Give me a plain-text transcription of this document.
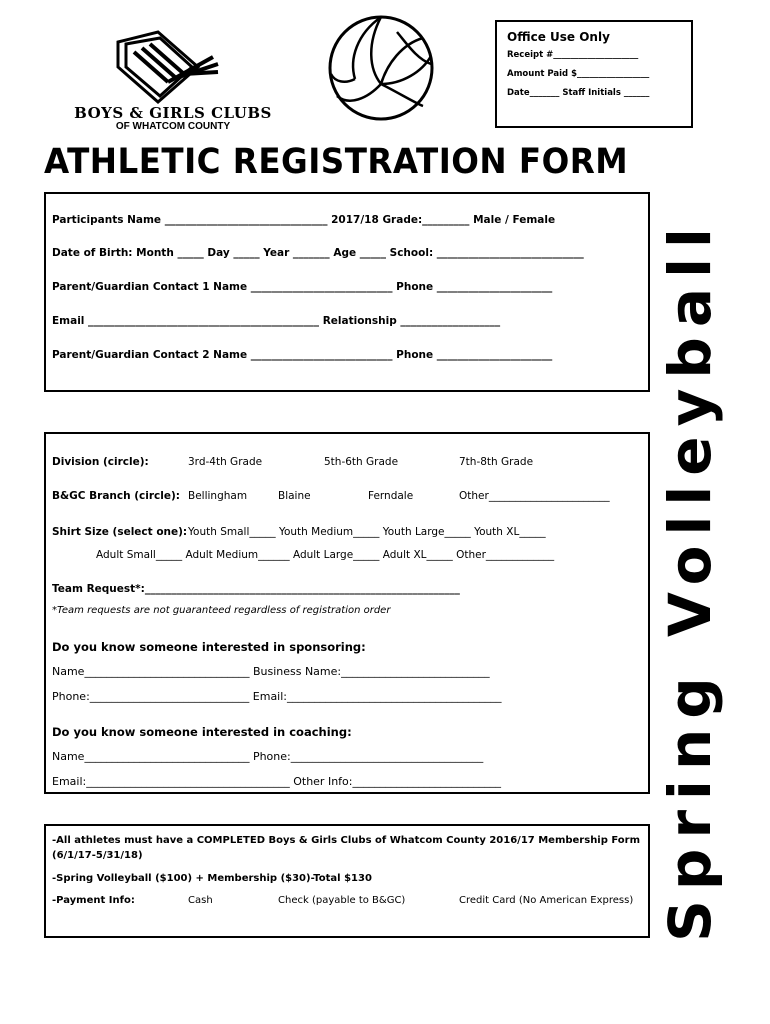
BOYS & GIRLS CLUBS
OF WHATCOM COUNTY
Office Use Only
Receipt #____________________
Amount Paid $_________________
Date_______ Staff Initials ______
ATHLETIC REGISTRATION FORM
Spring Volleyball
Participants Name _______________________________ 2017/18 Grade:_________ Male / Female
Date of Birth: Month _____ Day _____ Year _______ Age _____ School: ____________________________
Parent/Guardian Contact 1 Name ___________________________ Phone ______________________
Email ____________________________________________ Relationship ___________________
Parent/Guardian Contact 2 Name ___________________________ Phone ______________________
Division (circle):	3rd-4th Grade	5th-6th Grade	7th-8th Grade
B&GC Branch (circle): Bellingham	Blaine	Ferndale	Other_______________________
Shirt Size (select one): Youth Small_____ Youth Medium_____ Youth Large_____ Youth XL_____
Adult Small_____ Adult Medium______ Adult Large_____ Adult XL_____ Other_____________
Team Request*:____________________________________________________________
*Team requests are not guaranteed regardless of registration order
Do you know someone interested in sponsoring:
Name______________________________ Business Name:___________________________
Phone:_____________________________ Email:_______________________________________
Do you know someone interested in coaching:
Name______________________________ Phone:___________________________________
Email:_____________________________________ Other Info:___________________________
-All athletes must have a COMPLETED Boys & Girls Clubs of Whatcom County 2016/17 Membership Form
(6/1/17-5/31/18)
-Spring Volleyball ($100) + Membership ($30)-Total $130
-Payment Info:	Cash	Check (payable to B&GC)	Credit Card (No American Express)
